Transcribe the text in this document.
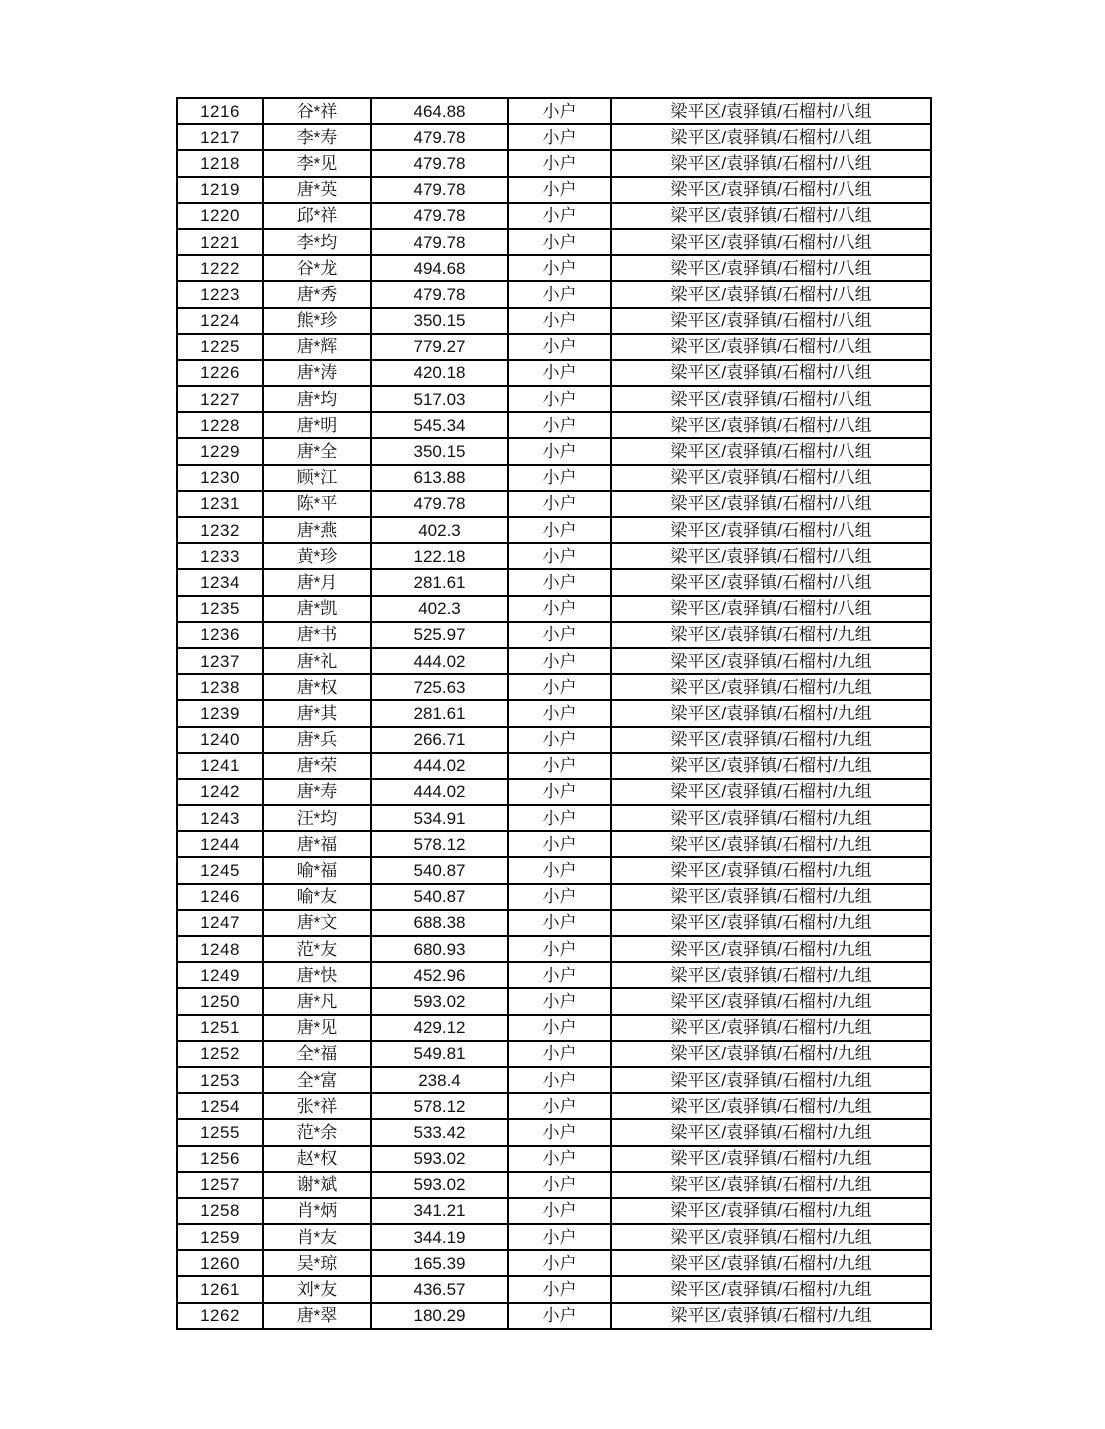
1216	谷*祥	464.88	小户	梁平区/袁驿镇/石榴村/八组
1217	李*寿	479.78	小户	梁平区/袁驿镇/石榴村/八组
1218	李*见	479.78	小户	梁平区/袁驿镇/石榴村/八组
1219	唐*英	479.78	小户	梁平区/袁驿镇/石榴村/八组
1220	邱*祥	479.78	小户	梁平区/袁驿镇/石榴村/八组
1221	李*均	479.78	小户	梁平区/袁驿镇/石榴村/八组
1222	谷*龙	494.68	小户	梁平区/袁驿镇/石榴村/八组
1223	唐*秀	479.78	小户	梁平区/袁驿镇/石榴村/八组
1224	熊*珍	350.15	小户	梁平区/袁驿镇/石榴村/八组
1225	唐*辉	779.27	小户	梁平区/袁驿镇/石榴村/八组
1226	唐*涛	420.18	小户	梁平区/袁驿镇/石榴村/八组
1227	唐*均	517.03	小户	梁平区/袁驿镇/石榴村/八组
1228	唐*明	545.34	小户	梁平区/袁驿镇/石榴村/八组
1229	唐*全	350.15	小户	梁平区/袁驿镇/石榴村/八组
1230	顾*江	613.88	小户	梁平区/袁驿镇/石榴村/八组
1231	陈*平	479.78	小户	梁平区/袁驿镇/石榴村/八组
1232	唐*燕	402.3	小户	梁平区/袁驿镇/石榴村/八组
1233	黄*珍	122.18	小户	梁平区/袁驿镇/石榴村/八组
1234	唐*月	281.61	小户	梁平区/袁驿镇/石榴村/八组
1235	唐*凯	402.3	小户	梁平区/袁驿镇/石榴村/八组
1236	唐*书	525.97	小户	梁平区/袁驿镇/石榴村/九组
1237	唐*礼	444.02	小户	梁平区/袁驿镇/石榴村/九组
1238	唐*权	725.63	小户	梁平区/袁驿镇/石榴村/九组
1239	唐*其	281.61	小户	梁平区/袁驿镇/石榴村/九组
1240	唐*兵	266.71	小户	梁平区/袁驿镇/石榴村/九组
1241	唐*荣	444.02	小户	梁平区/袁驿镇/石榴村/九组
1242	唐*寿	444.02	小户	梁平区/袁驿镇/石榴村/九组
1243	汪*均	534.91	小户	梁平区/袁驿镇/石榴村/九组
1244	唐*福	578.12	小户	梁平区/袁驿镇/石榴村/九组
1245	喻*福	540.87	小户	梁平区/袁驿镇/石榴村/九组
1246	喻*友	540.87	小户	梁平区/袁驿镇/石榴村/九组
1247	唐*文	688.38	小户	梁平区/袁驿镇/石榴村/九组
1248	范*友	680.93	小户	梁平区/袁驿镇/石榴村/九组
1249	唐*快	452.96	小户	梁平区/袁驿镇/石榴村/九组
1250	唐*凡	593.02	小户	梁平区/袁驿镇/石榴村/九组
1251	唐*见	429.12	小户	梁平区/袁驿镇/石榴村/九组
1252	全*福	549.81	小户	梁平区/袁驿镇/石榴村/九组
1253	全*富	238.4	小户	梁平区/袁驿镇/石榴村/九组
1254	张*祥	578.12	小户	梁平区/袁驿镇/石榴村/九组
1255	范*余	533.42	小户	梁平区/袁驿镇/石榴村/九组
1256	赵*权	593.02	小户	梁平区/袁驿镇/石榴村/九组
1257	谢*斌	593.02	小户	梁平区/袁驿镇/石榴村/九组
1258	肖*炳	341.21	小户	梁平区/袁驿镇/石榴村/九组
1259	肖*友	344.19	小户	梁平区/袁驿镇/石榴村/九组
1260	吴*琼	165.39	小户	梁平区/袁驿镇/石榴村/九组
1261	刘*友	436.57	小户	梁平区/袁驿镇/石榴村/九组
1262	唐*翠	180.29	小户	梁平区/袁驿镇/石榴村/九组
